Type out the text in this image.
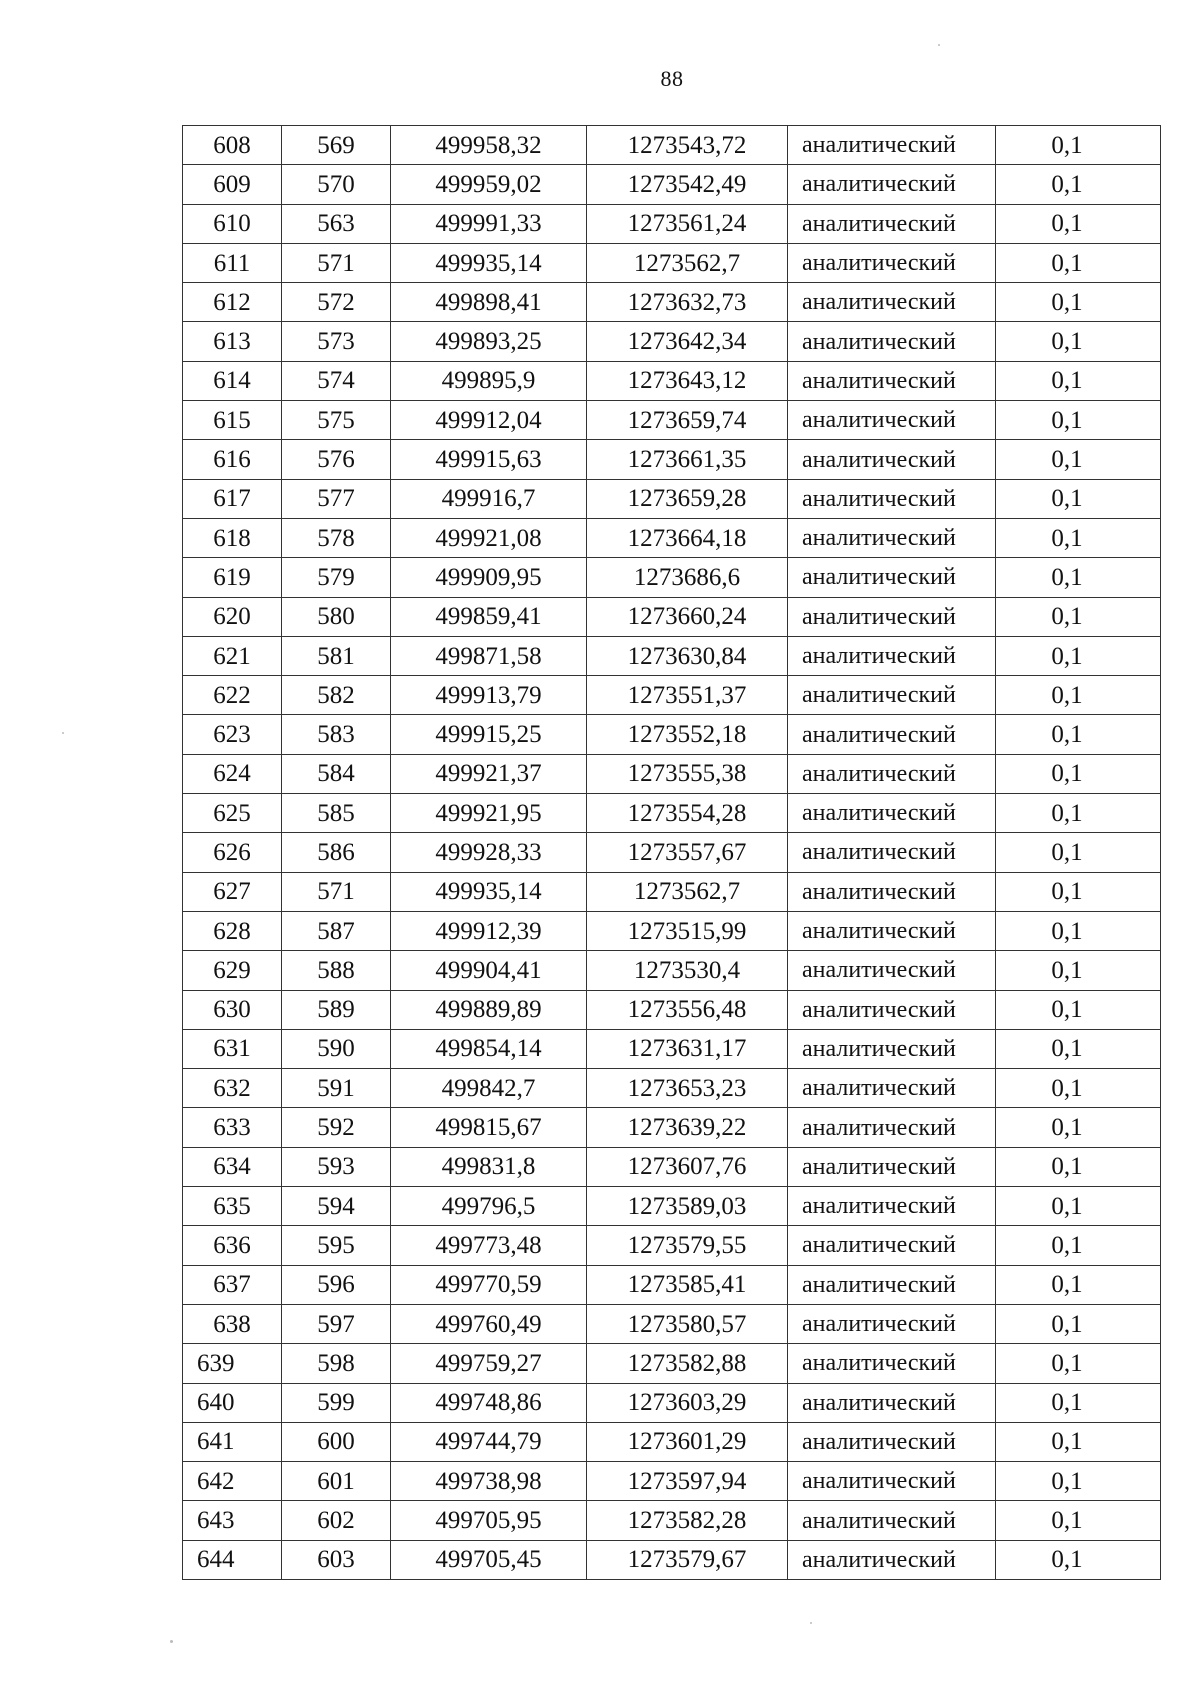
88
608	569	499958,32	1273543,72	аналитический	0,1
609	570	499959,02	1273542,49	аналитический	0,1
610	563	499991,33	1273561,24	аналитический	0,1
611	571	499935,14	1273562,7	аналитический	0,1
612	572	499898,41	1273632,73	аналитический	0,1
613	573	499893,25	1273642,34	аналитический	0,1
614	574	499895,9	1273643,12	аналитический	0,1
615	575	499912,04	1273659,74	аналитический	0,1
616	576	499915,63	1273661,35	аналитический	0,1
617	577	499916,7	1273659,28	аналитический	0,1
618	578	499921,08	1273664,18	аналитический	0,1
619	579	499909,95	1273686,6	аналитический	0,1
620	580	499859,41	1273660,24	аналитический	0,1
621	581	499871,58	1273630,84	аналитический	0,1
622	582	499913,79	1273551,37	аналитический	0,1
623	583	499915,25	1273552,18	аналитический	0,1
624	584	499921,37	1273555,38	аналитический	0,1
625	585	499921,95	1273554,28	аналитический	0,1
626	586	499928,33	1273557,67	аналитический	0,1
627	571	499935,14	1273562,7	аналитический	0,1
628	587	499912,39	1273515,99	аналитический	0,1
629	588	499904,41	1273530,4	аналитический	0,1
630	589	499889,89	1273556,48	аналитический	0,1
631	590	499854,14	1273631,17	аналитический	0,1
632	591	499842,7	1273653,23	аналитический	0,1
633	592	499815,67	1273639,22	аналитический	0,1
634	593	499831,8	1273607,76	аналитический	0,1
635	594	499796,5	1273589,03	аналитический	0,1
636	595	499773,48	1273579,55	аналитический	0,1
637	596	499770,59	1273585,41	аналитический	0,1
638	597	499760,49	1273580,57	аналитический	0,1
639	598	499759,27	1273582,88	аналитический	0,1
640	599	499748,86	1273603,29	аналитический	0,1
641	600	499744,79	1273601,29	аналитический	0,1
642	601	499738,98	1273597,94	аналитический	0,1
643	602	499705,95	1273582,28	аналитический	0,1
644	603	499705,45	1273579,67	аналитический	0,1
